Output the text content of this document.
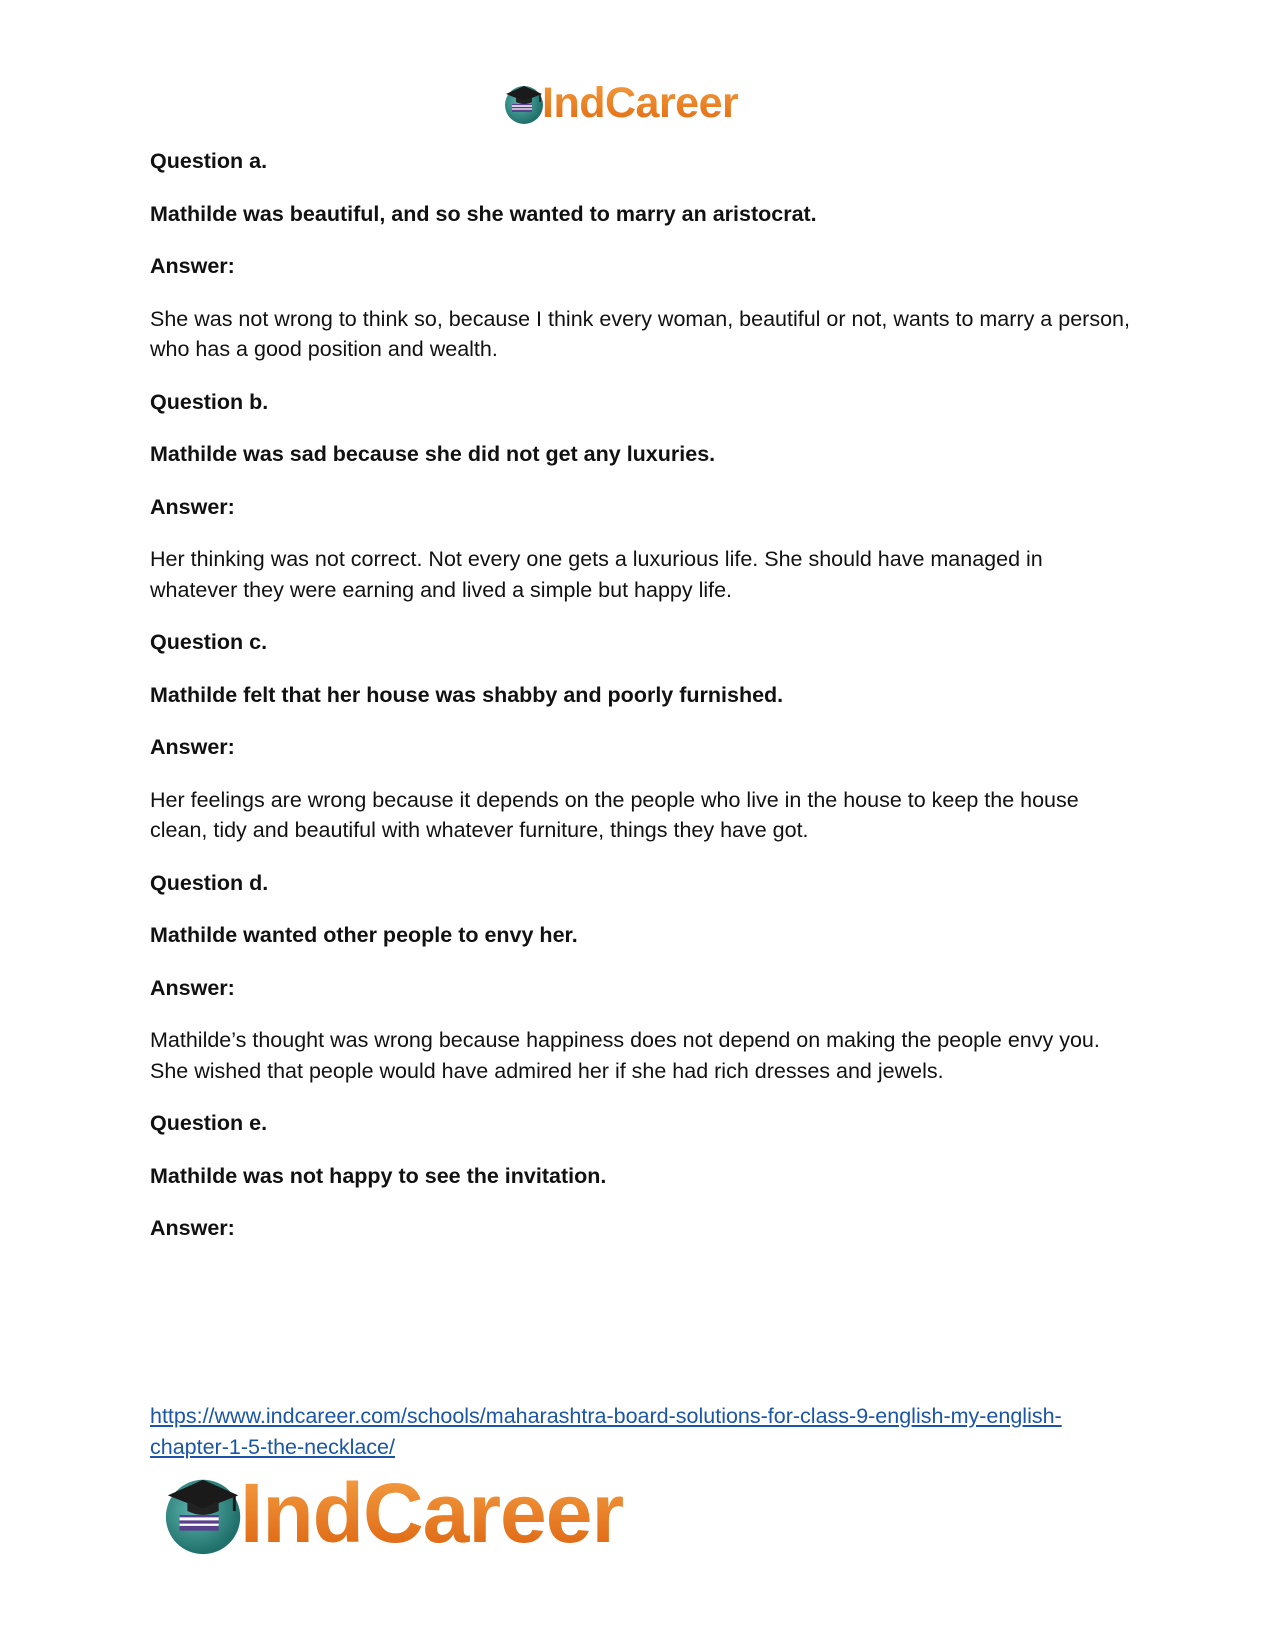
IndCareer

Question a.

Mathilde was beautiful, and so she wanted to marry an aristocrat.

Answer:

She was not wrong to think so, because I think every woman, beautiful or not, wants to marry a person, who has a good position and wealth.

Question b.

Mathilde was sad because she did not get any luxuries.

Answer:

Her thinking was not correct. Not every one gets a luxurious life. She should have managed in whatever they were earning and lived a simple but happy life.

Question c.

Mathilde felt that her house was shabby and poorly furnished.

Answer:

Her feelings are wrong because it depends on the people who live in the house to keep the house clean, tidy and beautiful with whatever furniture, things they have got.

Question d.

Mathilde wanted other people to envy her.

Answer:

Mathilde’s thought was wrong because happiness does not depend on making the people envy you. She wished that people would have admired her if she had rich dresses and jewels.

Question e.

Mathilde was not happy to see the invitation.

Answer:

https://www.indcareer.com/schools/maharashtra-board-solutions-for-class-9-english-my-english-chapter-1-5-the-necklace/
IndCareer
